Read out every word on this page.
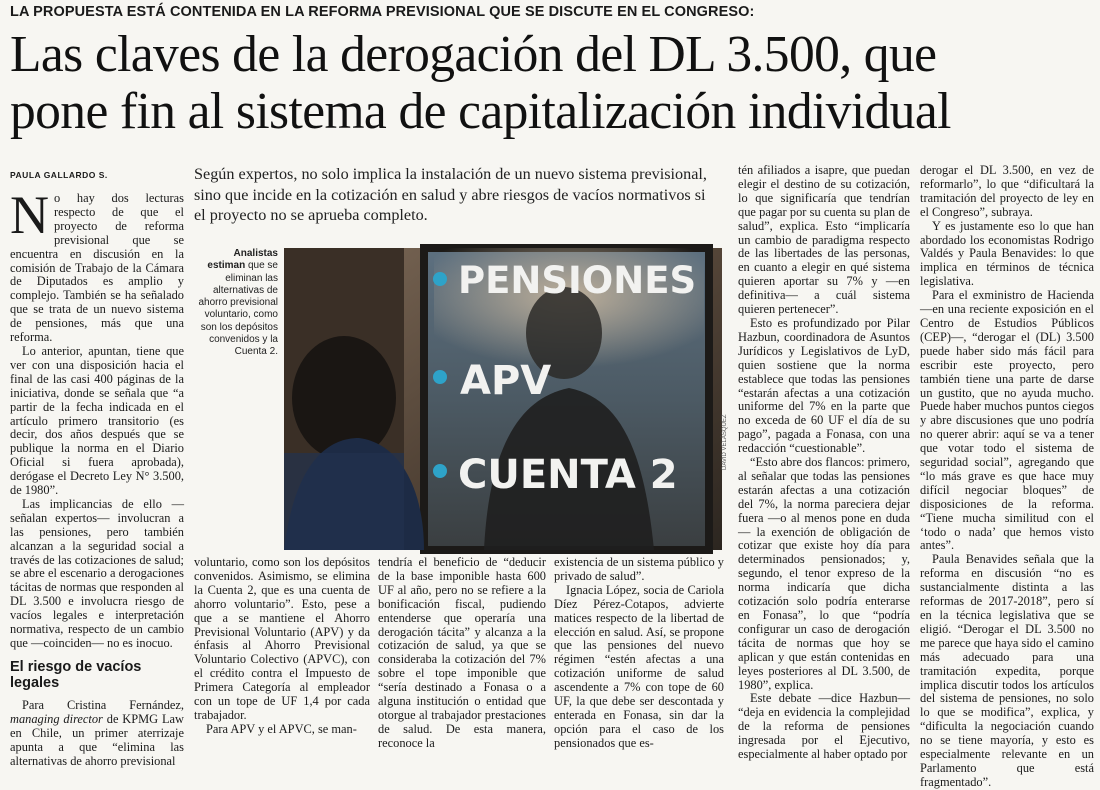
LA PROPUESTA ESTÁ CONTENIDA EN LA REFORMA PREVISIONAL QUE SE DISCUTE EN EL CONGRESO:
Las claves de la derogación del DL 3.500, que
pone fin al sistema de capitalización individual
PAULA GALLARDO S.

No hay dos lecturas respecto de que el proyecto de reforma previsional que se encuentra en discusión en la comisión de Trabajo de la Cámara de Diputados es amplio y complejo. También se ha señalado que se trata de un nuevo sistema de pensiones, más que una reforma.

Lo anterior, apuntan, tiene que ver con una disposición hacia el final de las casi 400 páginas de la iniciativa, donde se señala que “a partir de la fecha indicada en el artículo primero transitorio (es decir, dos años después que se publique la norma en el Diario Oficial si fuera aprobada), derógase el Decreto Ley N° 3.500, de 1980”.

Las implicancias de ello —señalan expertos— involucran a las pensiones, pero también alcanzan a la seguridad social a través de las cotizaciones de salud; se abre el escenario a derogaciones tácitas de normas que responden al DL 3.500 e involucra riesgo de vacíos legales e interpretación normativa, respecto de un cambio que —coinciden— no es inocuo.

El riesgo de vacíos legales

Para Cristina Fernández, managing director de KPMG Law en Chile, un primer aterrizaje apunta a que “elimina las alternativas de ahorro previsional

Según expertos, no solo implica la instalación de un nuevo sistema previsional, sino que incide en la cotización en salud y abre riesgos de vacíos normativos si el proyecto no se aprueba completo.
Analistas estiman que se eliminan las alternativas de ahorro previsional voluntario, como son los depósitos convenidos y la Cuenta 2.
PENSIONES
APV
CUENTA 2
DAVID VELÁSQUEZ

voluntario, como son los depósitos convenidos. Asimismo, se elimina la Cuenta 2, que es una cuenta de ahorro voluntario”. Esto, pese a que a se mantiene el Ahorro Previsional Voluntario (APV) y da énfasis al Ahorro Previsional Voluntario Colectivo (APVC), con el crédito contra el Impuesto de Primera Categoría al empleador con un tope de UF 1,4 por cada trabajador.

Para APV y el APVC, se man-

tendría el beneficio de “deducir de la base imponible hasta 600 UF al año, pero no se refiere a la bonificación fiscal, pudiendo entenderse que operaría una derogación tácita” y alcanza a la cotización de salud, ya que se consideraba la cotización del 7% sobre el tope imponible que “sería destinado a Fonasa o a alguna institución o entidad que otorgue al trabajador prestaciones de salud. De esta manera, reconoce la

existencia de un sistema público y privado de salud”.

Ignacia López, socia de Cariola Díez Pérez-Cotapos, advierte matices respecto de la libertad de elección en salud. Así, se propone que las pensiones del nuevo régimen “estén afectas a una cotización uniforme de salud ascendente a 7% con tope de 60 UF, la que debe ser descontada y enterada en Fonasa, sin dar la opción para el caso de los pensionados que es-

tén afiliados a isapre, que puedan elegir el destino de su cotización, lo que significaría que tendrían que pagar por su cuenta su plan de salud”, explica. Esto “implicaría un cambio de paradigma respecto de las libertades de las personas, en cuanto a elegir en qué sistema quieren aportar su 7% y —en definitiva— a cuál sistema quieren pertenecer”.

Esto es profundizado por Pilar Hazbun, coordinadora de Asuntos Jurídicos y Legislativos de LyD, quien sostiene que la norma establece que todas las pensiones “estarán afectas a una cotización uniforme del 7% en la parte que no exceda de 60 UF el día de su pago”, pagada a Fonasa, con una redacción “cuestionable”.

“Esto abre dos flancos: primero, al señalar que todas las pensiones estarán afectas a una cotización del 7%, la norma pareciera dejar fuera —o al menos pone en duda— la exención de obligación de cotizar que existe hoy día para determinados pensionados; y, segundo, el tenor expreso de la norma indicaría que dicha cotización solo podría enterarse en Fonasa”, lo que “podría configurar un caso de derogación tácita de normas que hoy se aplican y que están contenidas en leyes posteriores al DL 3.500, de 1980”, explica.

Este debate —dice Hazbun— “deja en evidencia la complejidad de la reforma de pensiones ingresada por el Ejecutivo, especialmente al haber optado por

derogar el DL 3.500, en vez de reformarlo”, lo que “dificultará la tramitación del proyecto de ley en el Congreso”, subraya.

Y es justamente eso lo que han abordado los economistas Rodrigo Valdés y Paula Benavides: lo que implica en términos de técnica legislativa.

Para el exministro de Hacienda —en una reciente exposición en el Centro de Estudios Públicos (CEP)—, “derogar el (DL) 3.500 puede haber sido más fácil para escribir este proyecto, pero también tiene una parte de darse un gustito, que no ayuda mucho. Puede haber muchos puntos ciegos y abre discusiones que uno podría no querer abrir: aquí se va a tener que votar todo el sistema de seguridad social”, agregando que “lo más grave es que hace muy difícil negociar bloques” de disposiciones de la reforma. “Tiene mucha similitud con el ‘todo o nada’ que hemos visto antes”.

Paula Benavides señala que la reforma en discusión “no es sustancialmente distinta a las reformas de 2017-2018”, pero sí en la técnica legislativa que se eligió. “Derogar el DL 3.500 no me parece que haya sido el camino más adecuado para una tramitación expedita, porque implica discutir todos los artículos del sistema de pensiones, no solo lo que se modifica”, explica, y “dificulta la negociación cuando no se tiene mayoría, y esto es especialmente relevante en un Parlamento que está fragmentado”.
